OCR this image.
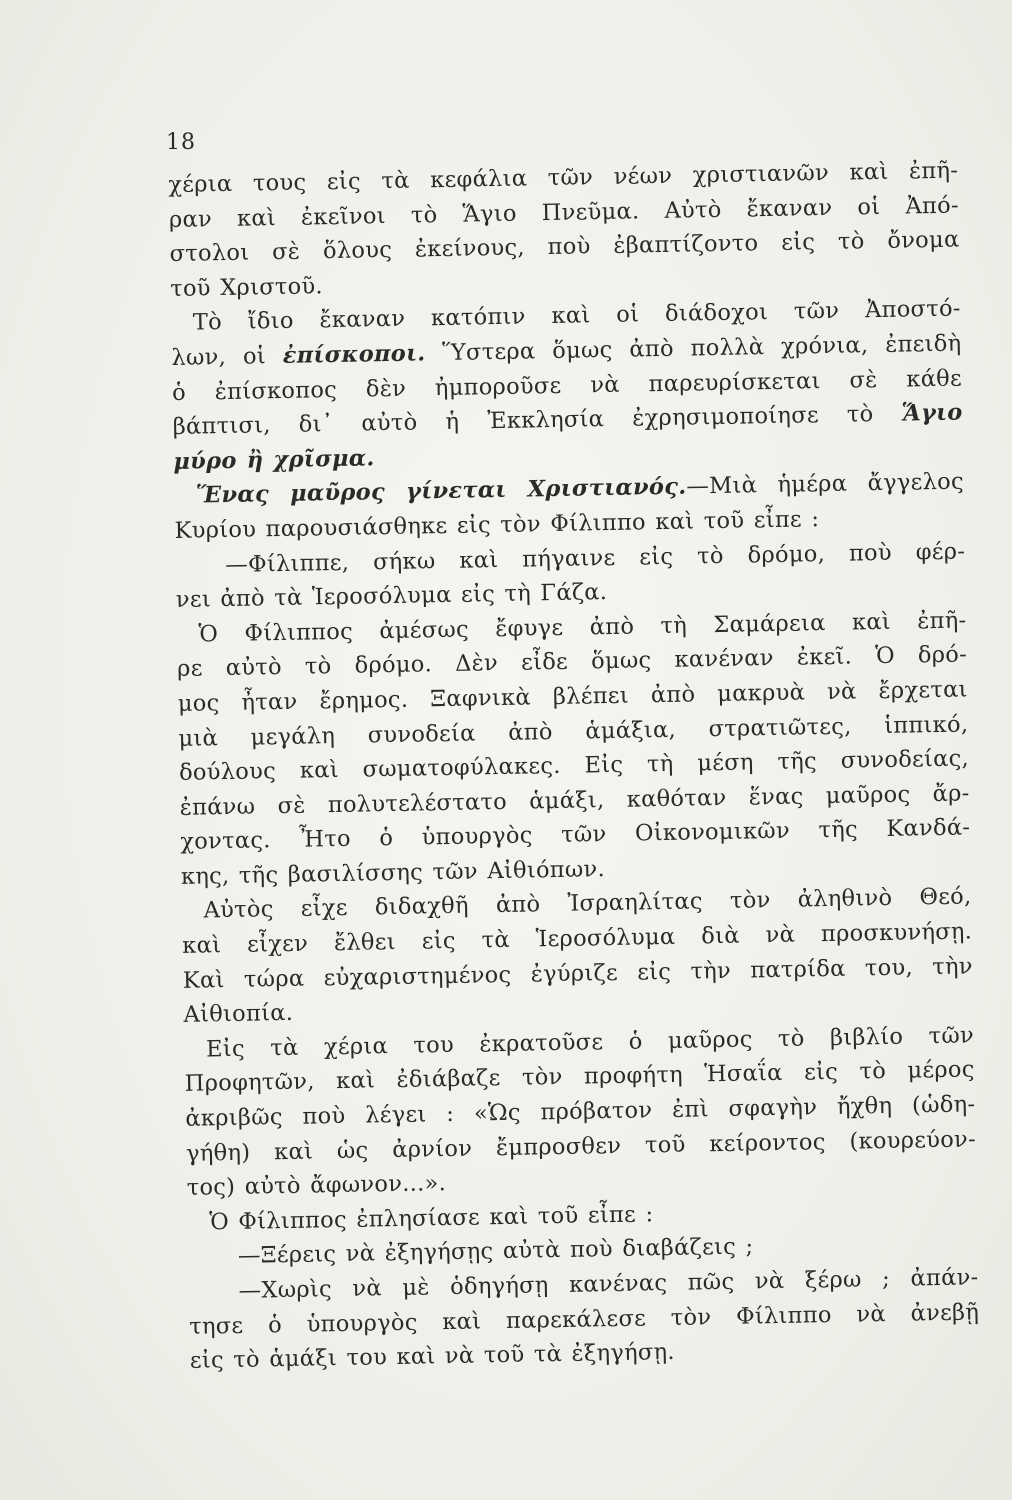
18
χέρια τους εἰς τὰ κεφάλια τῶν νέων χριστιανῶν καὶ ἐπῆ-
ραν καὶ ἐκεῖνοι τὸ Ἅγιο Πνεῦμα. Αὐτὸ ἔκαναν οἱ Ἀπό-
στολοι σὲ ὅλους ἐκείνους, ποὺ ἐβαπτίζοντο εἰς τὸ ὄνομα
τοῦ Χριστοῦ.
Τὸ ἴδιο ἔκαναν κατόπιν καὶ οἱ διάδοχοι τῶν Ἀποστό-
λων, οἱ ἐπίσκοποι. Ὕστερα ὅμως ἀπὸ πολλὰ χρόνια, ἐπειδὴ
ὁ ἐπίσκοπος δὲν ἠμποροῦσε νὰ παρευρίσκεται σὲ κάθε
βάπτισι, δι᾿ αὐτὸ ἡ Ἐκκλησία ἐχρησιμοποίησε τὸ Ἅγιο
μύρο ἢ χρῖσμα.
Ἕνας μαῦρος γίνεται Χριστιανός.—Μιὰ ἡμέρα ἄγγελος
Κυρίου παρουσιάσθηκε εἰς τὸν Φίλιππο καὶ τοῦ εἶπε :
—Φίλιππε, σήκω καὶ πήγαινε εἰς τὸ δρόμο, ποὺ φέρ-
νει ἀπὸ τὰ Ἱεροσόλυμα εἰς τὴ Γάζα.
Ὁ Φίλιππος ἀμέσως ἔφυγε ἀπὸ τὴ Σαμάρεια καὶ ἐπῆ-
ρε αὐτὸ τὸ δρόμο. Δὲν εἶδε ὅμως κανέναν ἐκεῖ. Ὁ δρό-
μος ἦταν ἔρημος. Ξαφνικὰ βλέπει ἀπὸ μακρυὰ νὰ ἔρχεται
μιὰ μεγάλη συνοδεία ἀπὸ ἁμάξια, στρατιῶτες, ἱππικό,
δούλους καὶ σωματοφύλακες. Εἰς τὴ μέση τῆς συνοδείας,
ἐπάνω σὲ πολυτελέστατο ἁμάξι, καθόταν ἕνας μαῦρος ἄρ-
χοντας. Ἦτο ὁ ὑπουργὸς τῶν Οἰκονομικῶν τῆς Κανδά-
κης, τῆς βασιλίσσης τῶν Αἰθιόπων.
Αὐτὸς εἶχε διδαχθῆ ἀπὸ Ἰσραηλίτας τὸν ἀληθινὸ Θεό,
καὶ εἶχεν ἔλθει εἰς τὰ Ἱεροσόλυμα διὰ νὰ προσκυνήσῃ.
Καὶ τώρα εὐχαριστημένος ἐγύριζε εἰς τὴν πατρίδα του, τὴν
Αἰθιοπία.
Εἰς τὰ χέρια του ἐκρατοῦσε ὁ μαῦρος τὸ βιβλίο τῶν
Προφητῶν, καὶ ἐδιάβαζε τὸν προφήτη Ἡσαΐα εἰς τὸ μέρος
ἀκριβῶς ποὺ λέγει : «Ὡς πρόβατον ἐπὶ σφαγὴν ἤχθη (ὡδη-
γήθη) καὶ ὡς ἀρνίον ἔμπροσθεν τοῦ κείροντος (κουρεύον-
τος) αὐτὸ ἄφωνον...».
Ὁ Φίλιππος ἐπλησίασε καὶ τοῦ εἶπε :
—Ξέρεις νὰ ἐξηγήσῃς αὐτὰ ποὺ διαβάζεις ;
—Χωρὶς νὰ μὲ ὁδηγήσῃ κανένας πῶς νὰ ξέρω ; ἀπάν-
τησε ὁ ὑπουργὸς καὶ παρεκάλεσε τὸν Φίλιππο νὰ ἀνεβῇ
εἰς τὸ ἁμάξι του καὶ νὰ τοῦ τὰ ἐξηγήσῃ.
